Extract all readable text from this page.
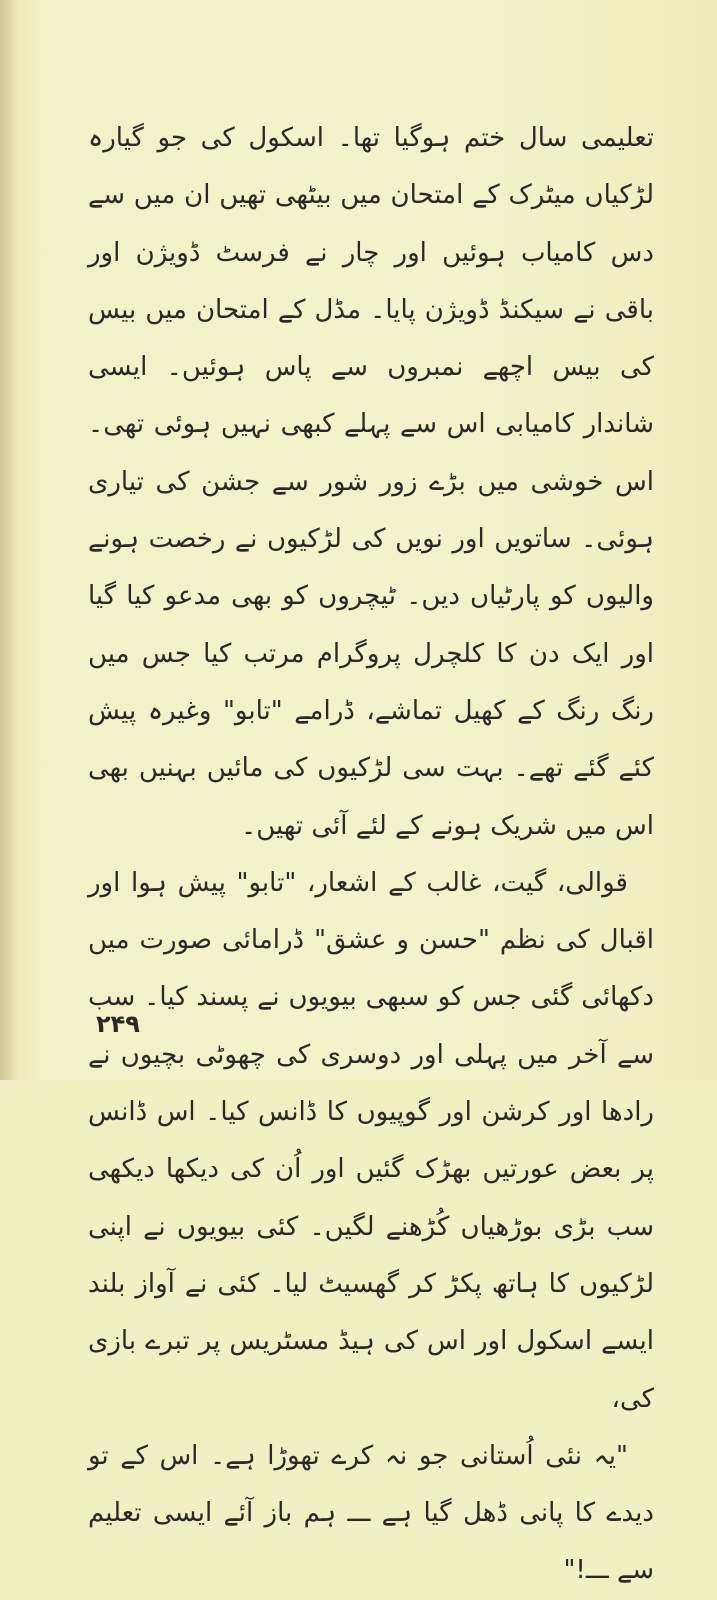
تعلیمی سال ختم ہوگیا تھا۔ اسکول کی جو گیارہ لڑکیاں میٹرک کے امتحان میں بیٹھی تھیں ان میں سے دس کامیاب ہوئیں اور چار نے فرسٹ ڈویژن اور باقی نے سیکنڈ ڈویژن پایا۔ مڈل کے امتحان میں بیس کی بیس اچھے نمبروں سے پاس ہوئیں۔ ایسی شاندار کامیابی اس سے پہلے کبھی نہیں ہوئی تھی۔ اس خوشی میں بڑے زور شور سے جشن کی تیاری ہوئی۔ ساتویں اور نویں کی لڑکیوں نے رخصت ہونے والیوں کو پارٹیاں دیں۔ ٹیچروں کو بھی مدعو کیا گیا اور ایک دن کا کلچرل پروگرام مرتب کیا جس میں رنگ رنگ کے کھیل تماشے، ڈرامے "تابو" وغیرہ پیش کئے گئے تھے۔ بہت سی لڑکیوں کی مائیں بہنیں بھی اس میں شریک ہونے کے لئے آئی تھیں۔

قوالی، گیت، غالب کے اشعار، "تابو" پیش ہوا اور اقبال کی نظم "حسن و عشق" ڈرامائی صورت میں دکھائی گئی جس کو سبھی بیویوں نے پسند کیا۔ سب سے آخر میں پہلی اور دوسری کی چھوٹی بچیوں نے رادھا اور کرشن اور گوپیوں کا ڈانس کیا۔ اس ڈانس پر بعض عورتیں بھڑک گئیں اور اُن کی دیکھا دیکھی سب بڑی بوڑھیاں کُڑھنے لگیں۔ کئی بیویوں نے اپنی لڑکیوں کا ہاتھ پکڑ کر گھسیٹ لیا۔ کئی نے آواز بلند ایسے اسکول اور اس کی ہیڈ مسٹریس پر تبرے بازی کی،

"یہ نئی اُستانی جو نہ کرے تھوڑا ہے۔ اس کے تو دیدے کا پانی ڈھل گیا ہے ـــ ہم باز آئے ایسی تعلیم سے ـــ!"

۲۴۹
